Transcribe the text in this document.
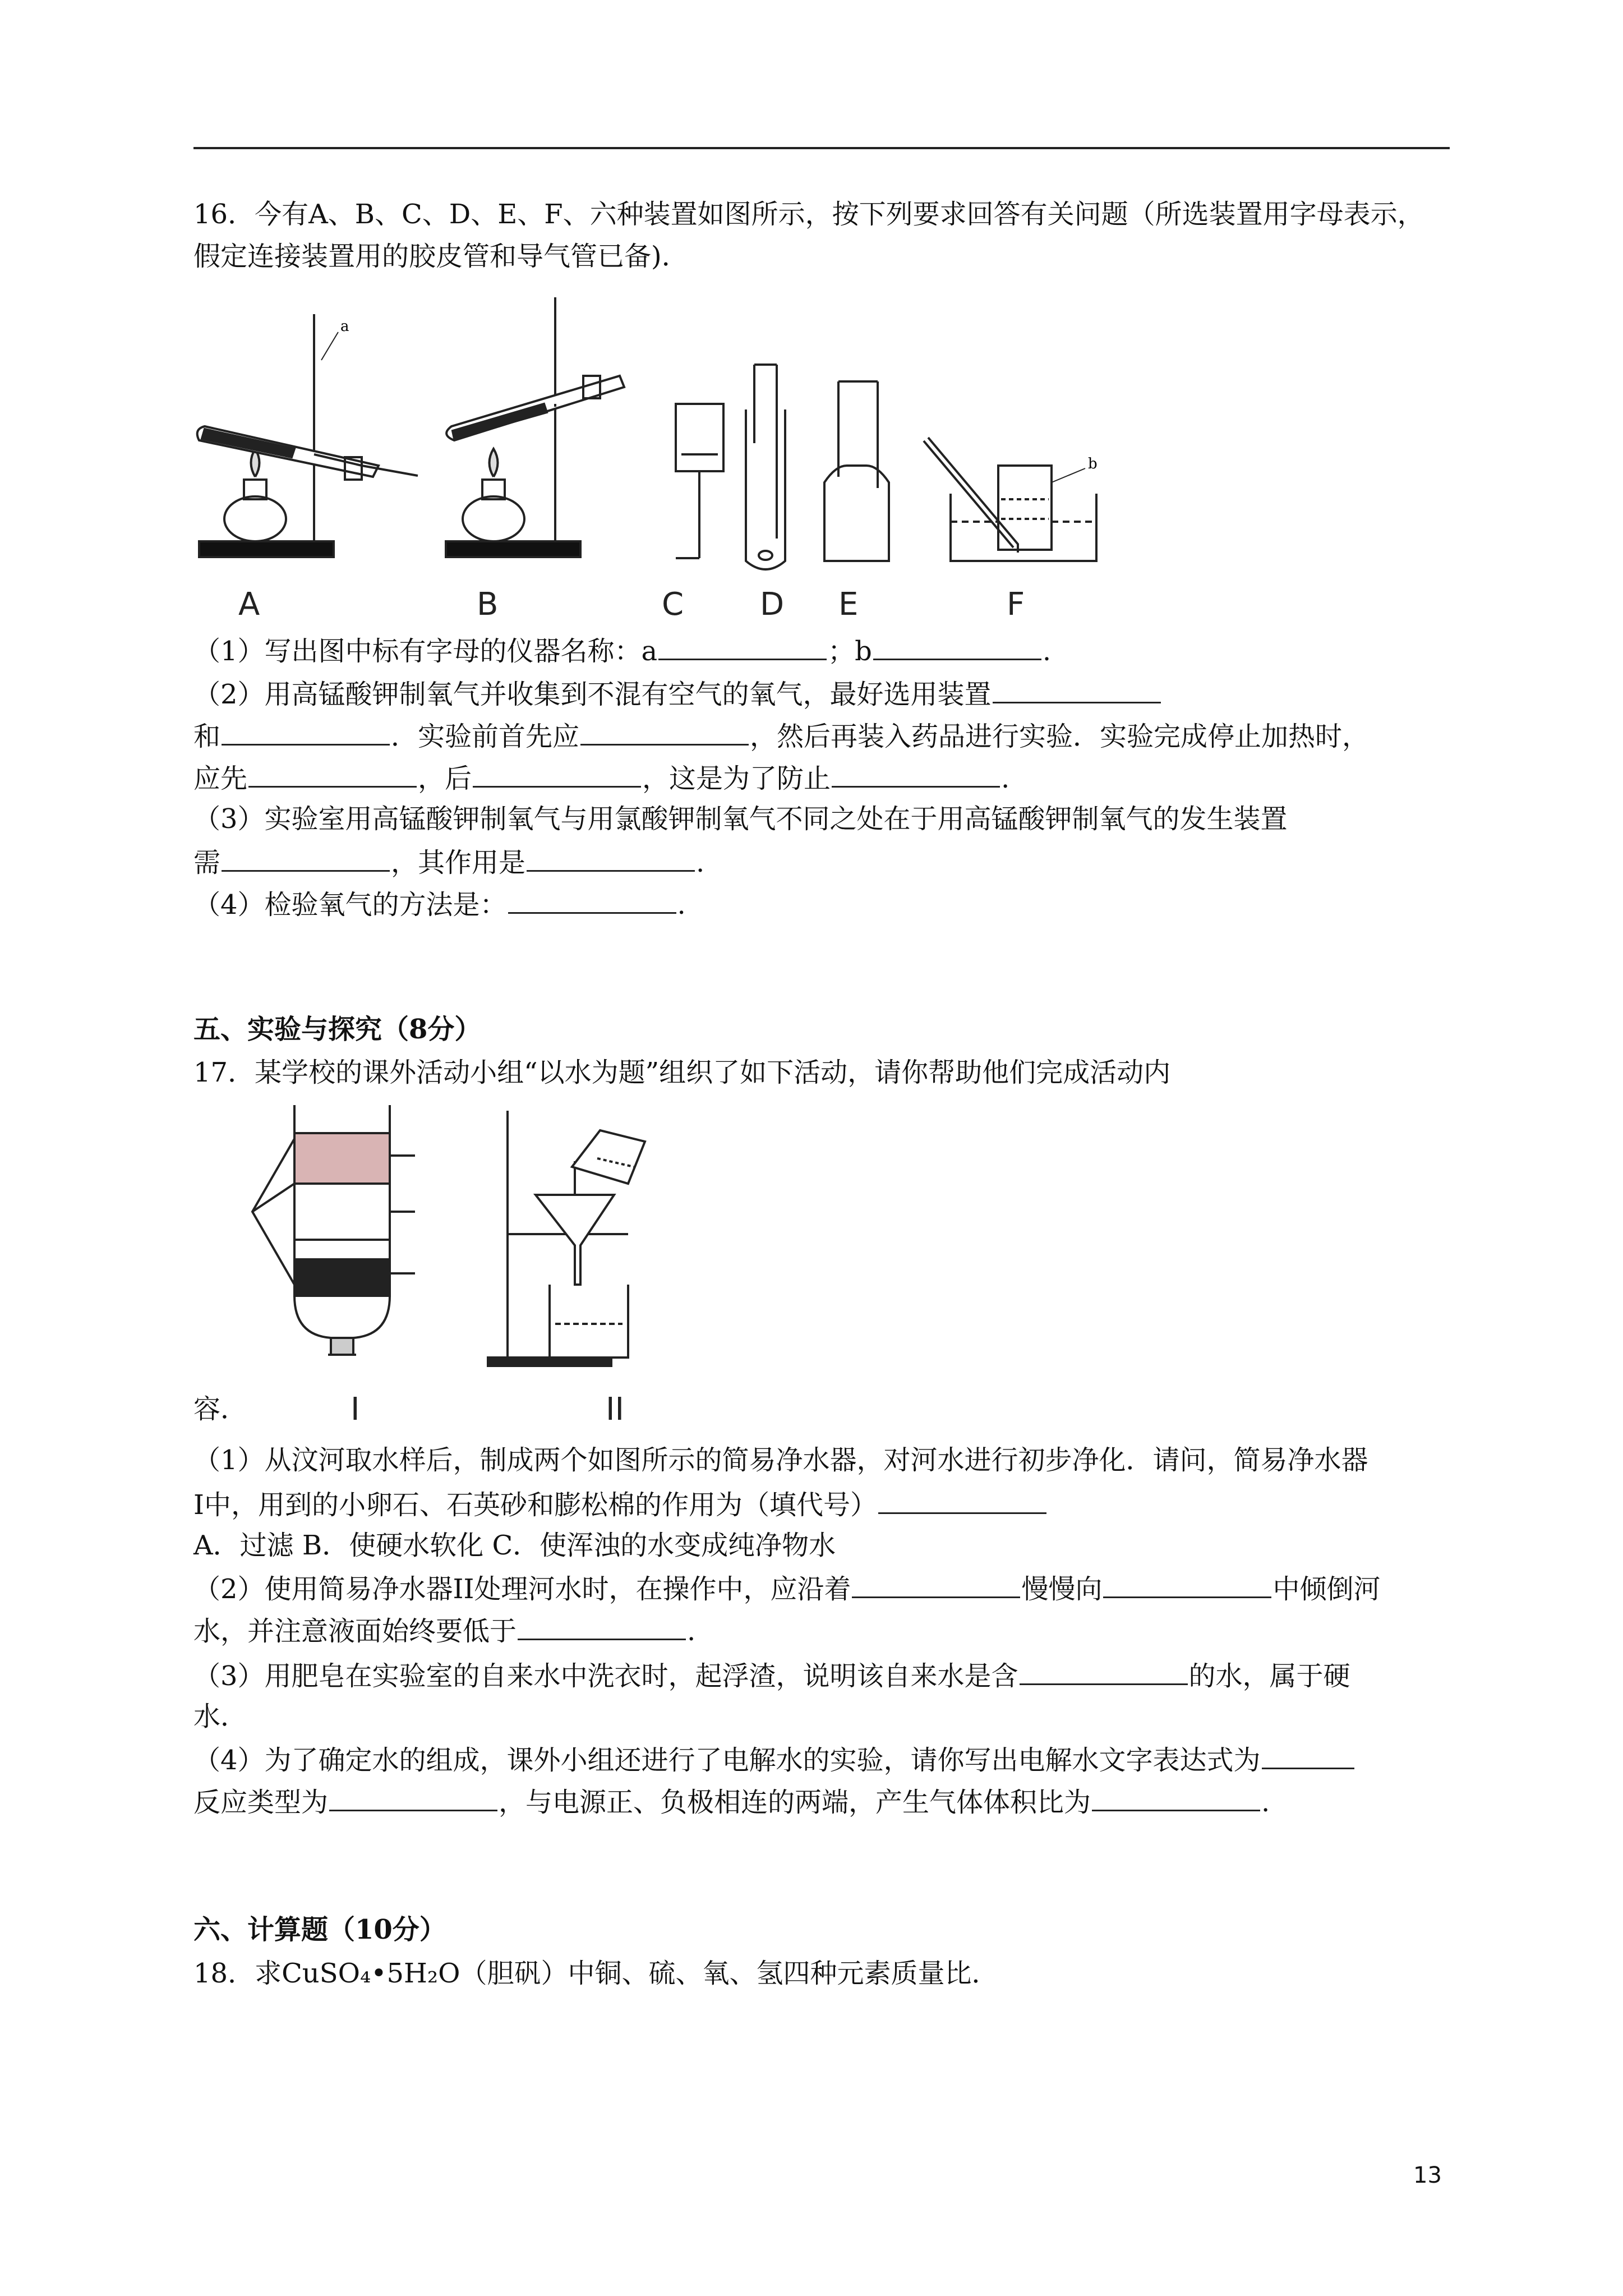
16．今有A、B、C、D、E、F、六种装置如图所示，按下列要求回答有关问题（所选装置用字母表示，
假定连接装置用的胶皮管和导气管已备)．
a
b
A	B	C D E	F
（1）写出图中标有字母的仪器名称：a	；b	.
（2）用高锰酸钾制氧气并收集到不混有空气的氧气，最好选用装置
和	．实验前首先应	，然后再装入药品进行实验．实验完成停止加热时，
应先	，后	，这是为了防止	.
（3）实验室用高锰酸钾制氧气与用氯酸钾制氧气不同之处在于用高锰酸钾制氧气的发生装置
需	，其作用是	.
（4）检验氧气的方法是：	.
五、实验与探究（8分）
17．某学校的课外活动小组“以水为题”组织了如下活动，请你帮助他们完成活动内
I	II
容．
（1）从汶河取水样后，制成两个如图所示的简易净水器，对河水进行初步净化．请问，简易净水器
I中，用到的小卵石、石英砂和膨松棉的作用为（填代号）
A．过滤 B．使硬水软化 C．使浑浊的水变成纯净物水
（2）使用简易净水器II处理河水时，在操作中，应沿着	慢慢向	中倾倒河
水，并注意液面始终要低于	.
（3）用肥皂在实验室的自来水中洗衣时，起浮渣，说明该自来水是含	的水，属于硬
水．
（4）为了确定水的组成，课外小组还进行了电解水的实验，请你写出电解水文字表达式为
反应类型为	，与电源正、负极相连的两端，产生气体体积比为	.
六、计算题（10分）
18．求CuSO₄•5H₂O（胆矾）中铜、硫、氧、氢四种元素质量比．
13
